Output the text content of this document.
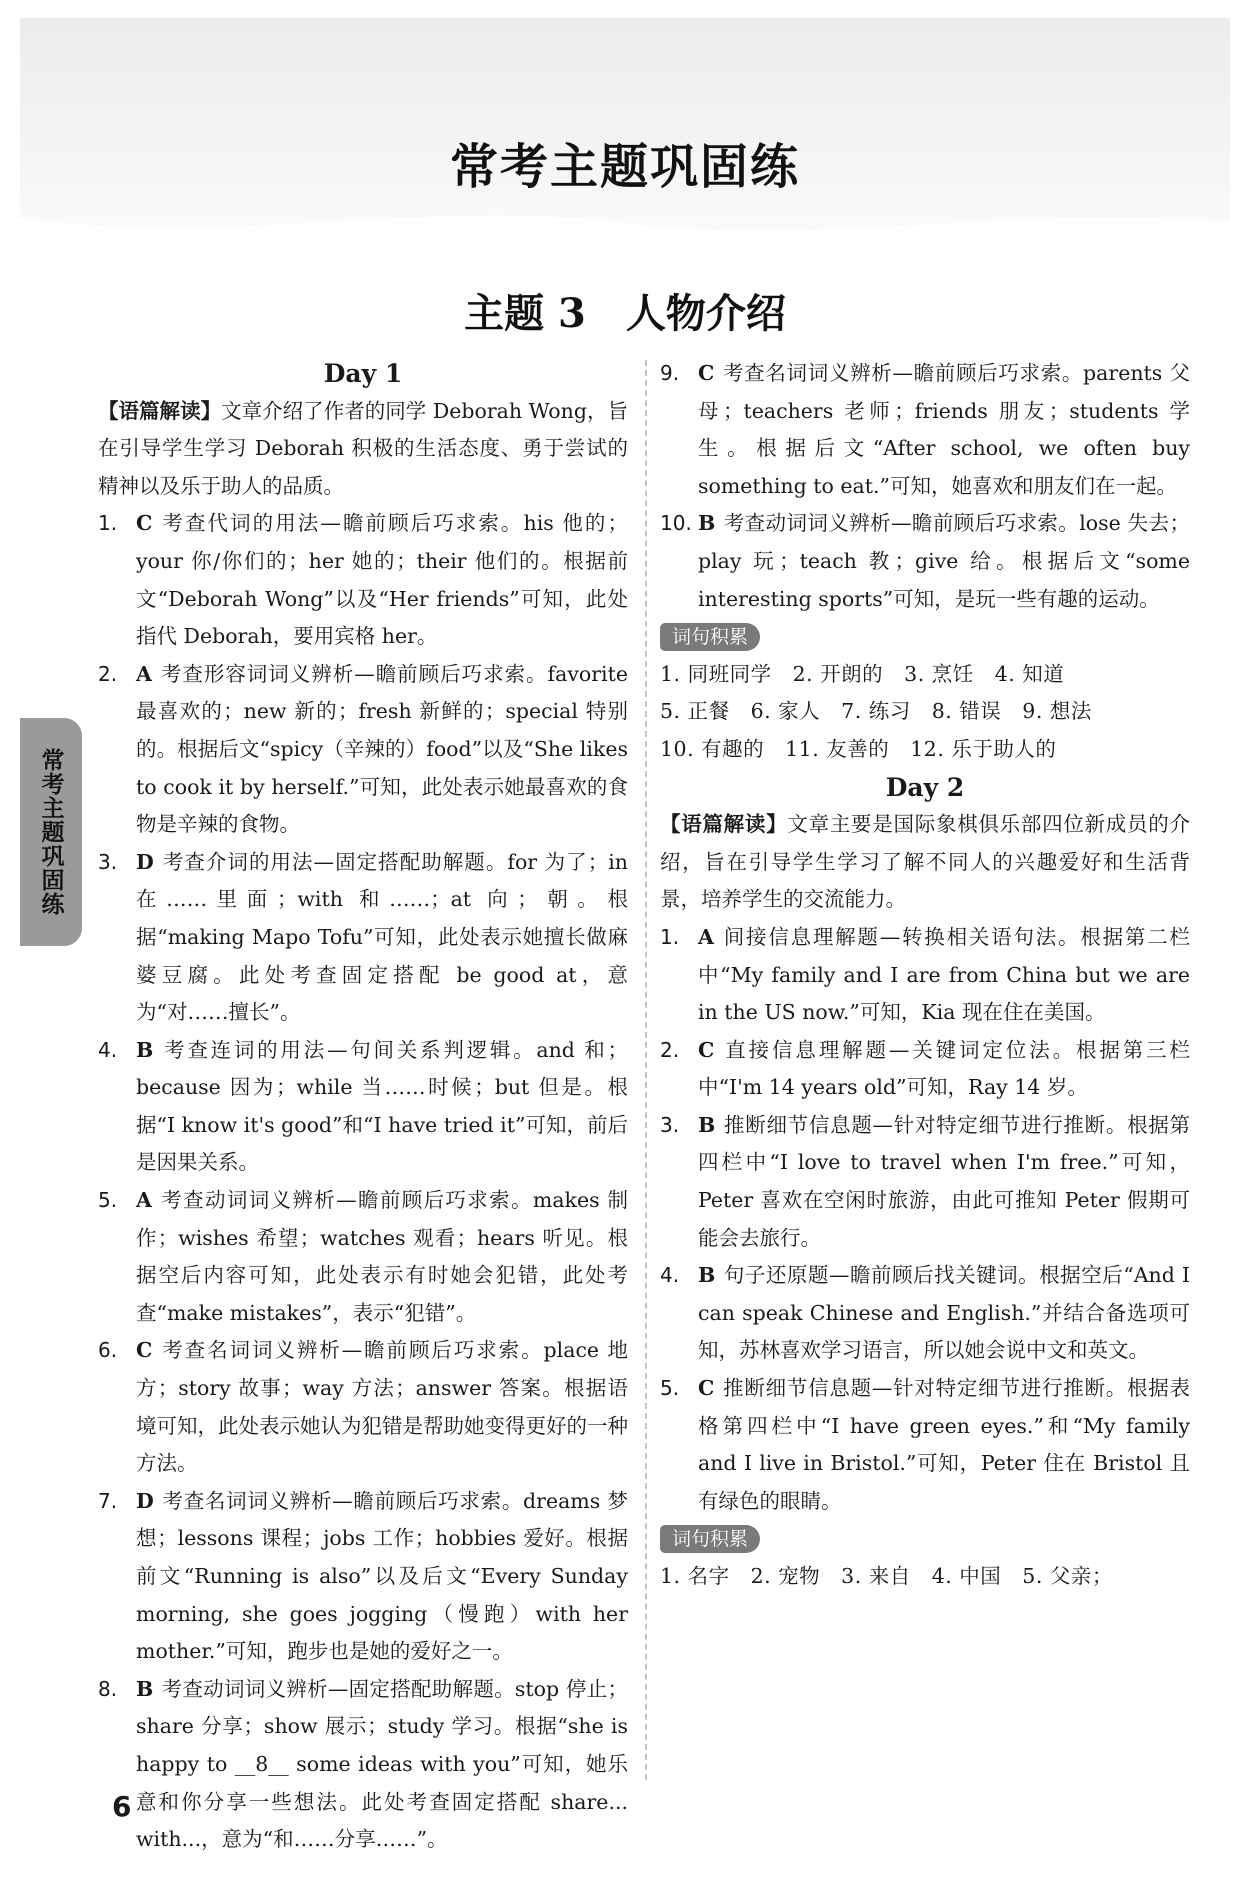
常考主题巩固练
主题 3　人物介绍
常考主题巩固练
Day 1
【语篇解读】文章介绍了作者的同学 Deborah Wong，旨在引导学生学习 Deborah 积极的生活态度、勇于尝试的精神以及乐于助人的品质。
1. C 考查代词的用法—瞻前顾后巧求索。his 他的；your 你/你们的；her 她的；their 他们的。根据前文“Deborah Wong”以及“Her friends”可知，此处指代 Deborah，要用宾格 her。
2. A 考查形容词词义辨析—瞻前顾后巧求索。favorite 最喜欢的；new 新的；fresh 新鲜的；special 特别的。根据后文“spicy（辛辣的）food”以及“She likes to cook it by herself.”可知，此处表示她最喜欢的食物是辛辣的食物。
3. D 考查介词的用法—固定搭配助解题。for 为了；in 在……里面；with 和……；at 向；朝。根据“making Mapo Tofu”可知，此处表示她擅长做麻婆豆腐。此处考查固定搭配 be good at，意为“对……擅长”。
4. B 考查连词的用法—句间关系判逻辑。and 和；because 因为；while 当……时候；but 但是。根据“I know it's good”和“I have tried it”可知，前后是因果关系。
5. A 考查动词词义辨析—瞻前顾后巧求索。makes 制作；wishes 希望；watches 观看；hears 听见。根据空后内容可知，此处表示有时她会犯错，此处考查“make mistakes”，表示“犯错”。
6. C 考查名词词义辨析—瞻前顾后巧求索。place 地方；story 故事；way 方法；answer 答案。根据语境可知，此处表示她认为犯错是帮助她变得更好的一种方法。
7. D 考查名词词义辨析—瞻前顾后巧求索。dreams 梦想；lessons 课程；jobs 工作；hobbies 爱好。根据前文“Running is also”以及后文“Every Sunday morning, she goes jogging（慢跑）with her mother.”可知，跑步也是她的爱好之一。
8. B 考查动词词义辨析—固定搭配助解题。stop 停止；share 分享；show 展示；study 学习。根据“she is happy to __8__ some ideas with you”可知，她乐意和你分享一些想法。此处考查固定搭配 share... with...，意为“和……分享……”。
9. C 考查名词词义辨析—瞻前顾后巧求索。parents 父母；teachers 老师；friends 朋友；students 学生。根据后文“After school, we often buy something to eat.”可知，她喜欢和朋友们在一起。
10. B 考查动词词义辨析—瞻前顾后巧求索。lose 失去；play 玩；teach 教；give 给。根据后文“some interesting sports”可知，是玩一些有趣的运动。
词句积累
1. 同班同学　2. 开朗的　3. 烹饪　4. 知道
5. 正餐　6. 家人　7. 练习　8. 错误　9. 想法
10. 有趣的　11. 友善的　12. 乐于助人的
Day 2
【语篇解读】文章主要是国际象棋俱乐部四位新成员的介绍，旨在引导学生学习了解不同人的兴趣爱好和生活背景，培养学生的交流能力。
1. A 间接信息理解题—转换相关语句法。根据第二栏中“My family and I are from China but we are in the US now.”可知，Kia 现在住在美国。
2. C 直接信息理解题—关键词定位法。根据第三栏中“I'm 14 years old”可知，Ray 14 岁。
3. B 推断细节信息题—针对特定细节进行推断。根据第四栏中“I love to travel when I'm free.”可知，Peter 喜欢在空闲时旅游，由此可推知 Peter 假期可能会去旅行。
4. B 句子还原题—瞻前顾后找关键词。根据空后“And I can speak Chinese and English.”并结合备选项可知，苏林喜欢学习语言，所以她会说中文和英文。
5. C 推断细节信息题—针对特定细节进行推断。根据表格第四栏中“I have green eyes.”和“My family and I live in Bristol.”可知，Peter 住在 Bristol 且有绿色的眼睛。
词句积累
1. 名字　2. 宠物　3. 来自　4. 中国　5. 父亲；
6
